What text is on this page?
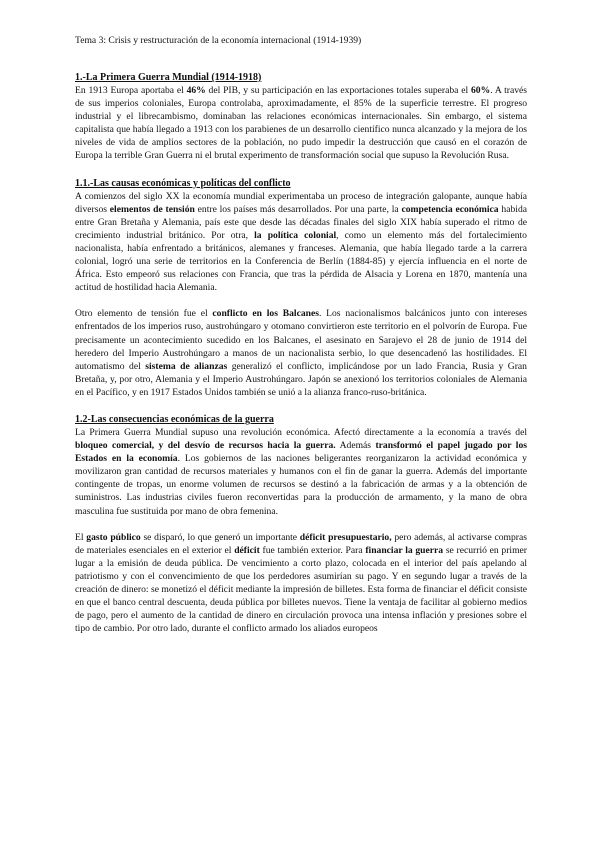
Tema 3: Crisis y restructuración de la economía internacional (1914-1939)
1.-La Primera Guerra Mundial (1914-1918)

En 1913 Europa aportaba el 46% del PIB, y su participación en las exportaciones totales superaba el 60%. A través de sus imperios coloniales, Europa controlaba, aproximadamente, el 85% de la superficie terrestre. El progreso industrial y el librecambismo, dominaban las relaciones económicas internacionales. Sin embargo, el sistema capitalista que había llegado a 1913 con los parabienes de un desarrollo científico nunca alcanzado y la mejora de los niveles de vida de amplios sectores de la población, no pudo impedir la destrucción que causó en el corazón de Europa la terrible Gran Guerra ni el brutal experimento de transformación social que supuso la Revolución Rusa.

1.1.-Las causas económicas y políticas del conflicto

A comienzos del siglo XX la economía mundial experimentaba un proceso de integración galopante, aunque había diversos elementos de tensión entre los países más desarrollados. Por una parte, la competencia económica habida entre Gran Bretaña y Alemania, país este que desde las décadas finales del siglo XIX había superado el ritmo de crecimiento industrial británico. Por otra, la política colonial, como un elemento más del fortalecimiento nacionalista, había enfrentado a británicos, alemanes y franceses. Alemania, que había llegado tarde a la carrera colonial, logró una serie de territorios en la Conferencia de Berlín (1884-85) y ejercía influencia en el norte de África. Esto empeoró sus relaciones con Francia, que tras la pérdida de Alsacia y Lorena en 1870, mantenía una actitud de hostilidad hacia Alemania.

Otro elemento de tensión fue el conflicto en los Balcanes. Los nacionalismos balcánicos junto con intereses enfrentados de los imperios ruso, austrohúngaro y otomano convirtieron este territorio en el polvorín de Europa. Fue precisamente un acontecimiento sucedido en los Balcanes, el asesinato en Sarajevo el 28 de junio de 1914 del heredero del Imperio Austrohúngaro a manos de un nacionalista serbio, lo que desencadenó las hostilidades. El automatismo del sistema de alianzas generalizó el conflicto, implicándose por un lado Francia, Rusia y Gran Bretaña, y, por otro, Alemania y el Imperio Austrohúngaro. Japón se anexionó los territorios coloniales de Alemania en el Pacífico, y en 1917 Estados Unidos también se unió a la alianza franco-ruso-británica.

1.2-Las consecuencias económicas de la guerra

La Primera Guerra Mundial supuso una revolución económica. Afectó directamente a la economía a través del bloqueo comercial, y del desvío de recursos hacia la guerra. Además transformó el papel jugado por los Estados en la economía. Los gobiernos de las naciones beligerantes reorganizaron la actividad económica y movilizaron gran cantidad de recursos materiales y humanos con el fin de ganar la guerra. Además del importante contingente de tropas, un enorme volumen de recursos se destinó a la fabricación de armas y a la obtención de suministros. Las industrias civiles fueron reconvertidas para la producción de armamento, y la mano de obra masculina fue sustituida por mano de obra femenina.

El gasto público se disparó, lo que generó un importante déficit presupuestario, pero además, al activarse compras de materiales esenciales en el exterior el déficit fue también exterior. Para financiar la guerra se recurrió en primer lugar a la emisión de deuda pública. De vencimiento a corto plazo, colocada en el interior del país apelando al patriotismo y con el convencimiento de que los perdedores asumirían su pago. Y en segundo lugar a través de la creación de dinero: se monetizó el déficit mediante la impresión de billetes. Esta forma de financiar el déficit consiste en que el banco central descuenta, deuda pública por billetes nuevos. Tiene la ventaja de facilitar al gobierno medios de pago, pero el aumento de la cantidad de dinero en circulación provoca una intensa inflación y presiones sobre el tipo de cambio. Por otro lado, durante el conflicto armado los aliados europeos
